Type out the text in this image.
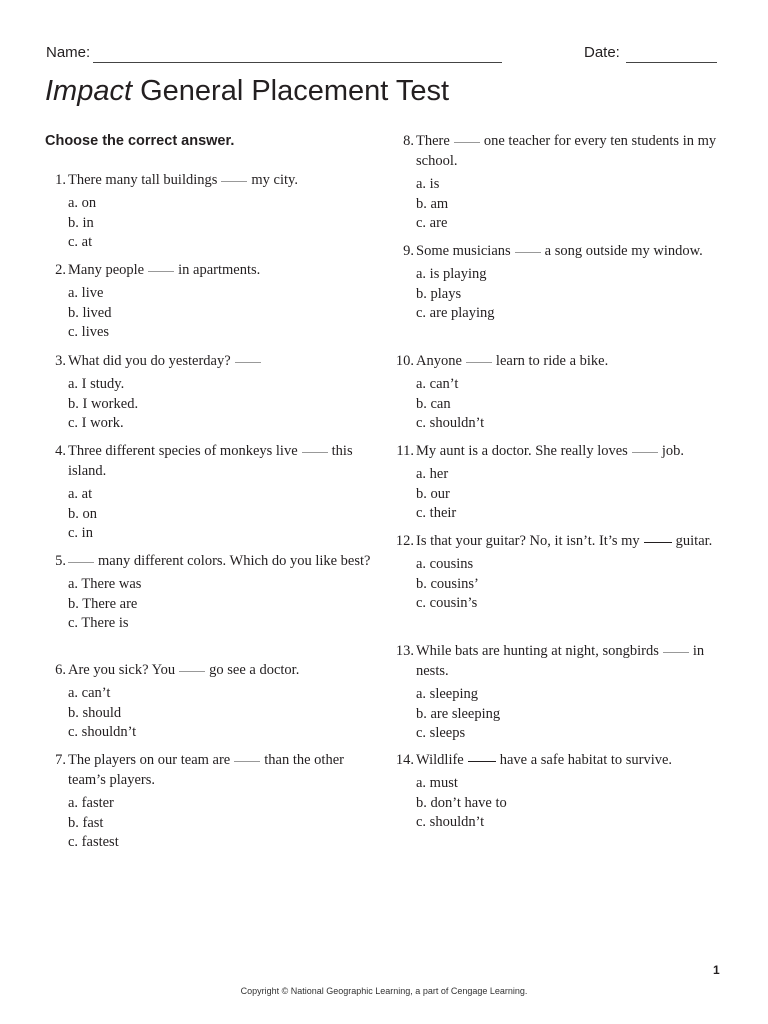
Name:	Date:
Impact General Placement Test
Choose the correct answer.
1. There many tall buildings my city.
a. on
b. in
c. at
2. Many people in apartments.
a. live
b. lived
c. lives
3. What did you do yesterday?
a. I study.
b. I worked.
c. I work.
4. Three different species of monkeys live this island.
a. at
b. on
c. in
5. many different colors. Which do you like best?
a. There was
b. There are
c. There is
6. Are you sick? You go see a doctor.
a. can’t
b. should
c. shouldn’t
7. The players on our team are than the other team’s players.
a. faster
b. fast
c. fastest
8. There one teacher for every ten students in my school.
a. is
b. am
c. are
9. Some musicians a song outside my window.
a. is playing
b. plays
c. are playing
10. Anyone learn to ride a bike.
a. can’t
b. can
c. shouldn’t
11. My aunt is a doctor. She really loves job.
a. her
b. our
c. their
12. Is that your guitar? No, it isn’t. It’s my guitar.
a. cousins
b. cousins’
c. cousin’s
13. While bats are hunting at night, songbirds in nests.
a. sleeping
b. are sleeping
c. sleeps
14. Wildlife have a safe habitat to survive.
a. must
b. don’t have to
c. shouldn’t
1
Copyright © National Geographic Learning, a part of Cengage Learning.
